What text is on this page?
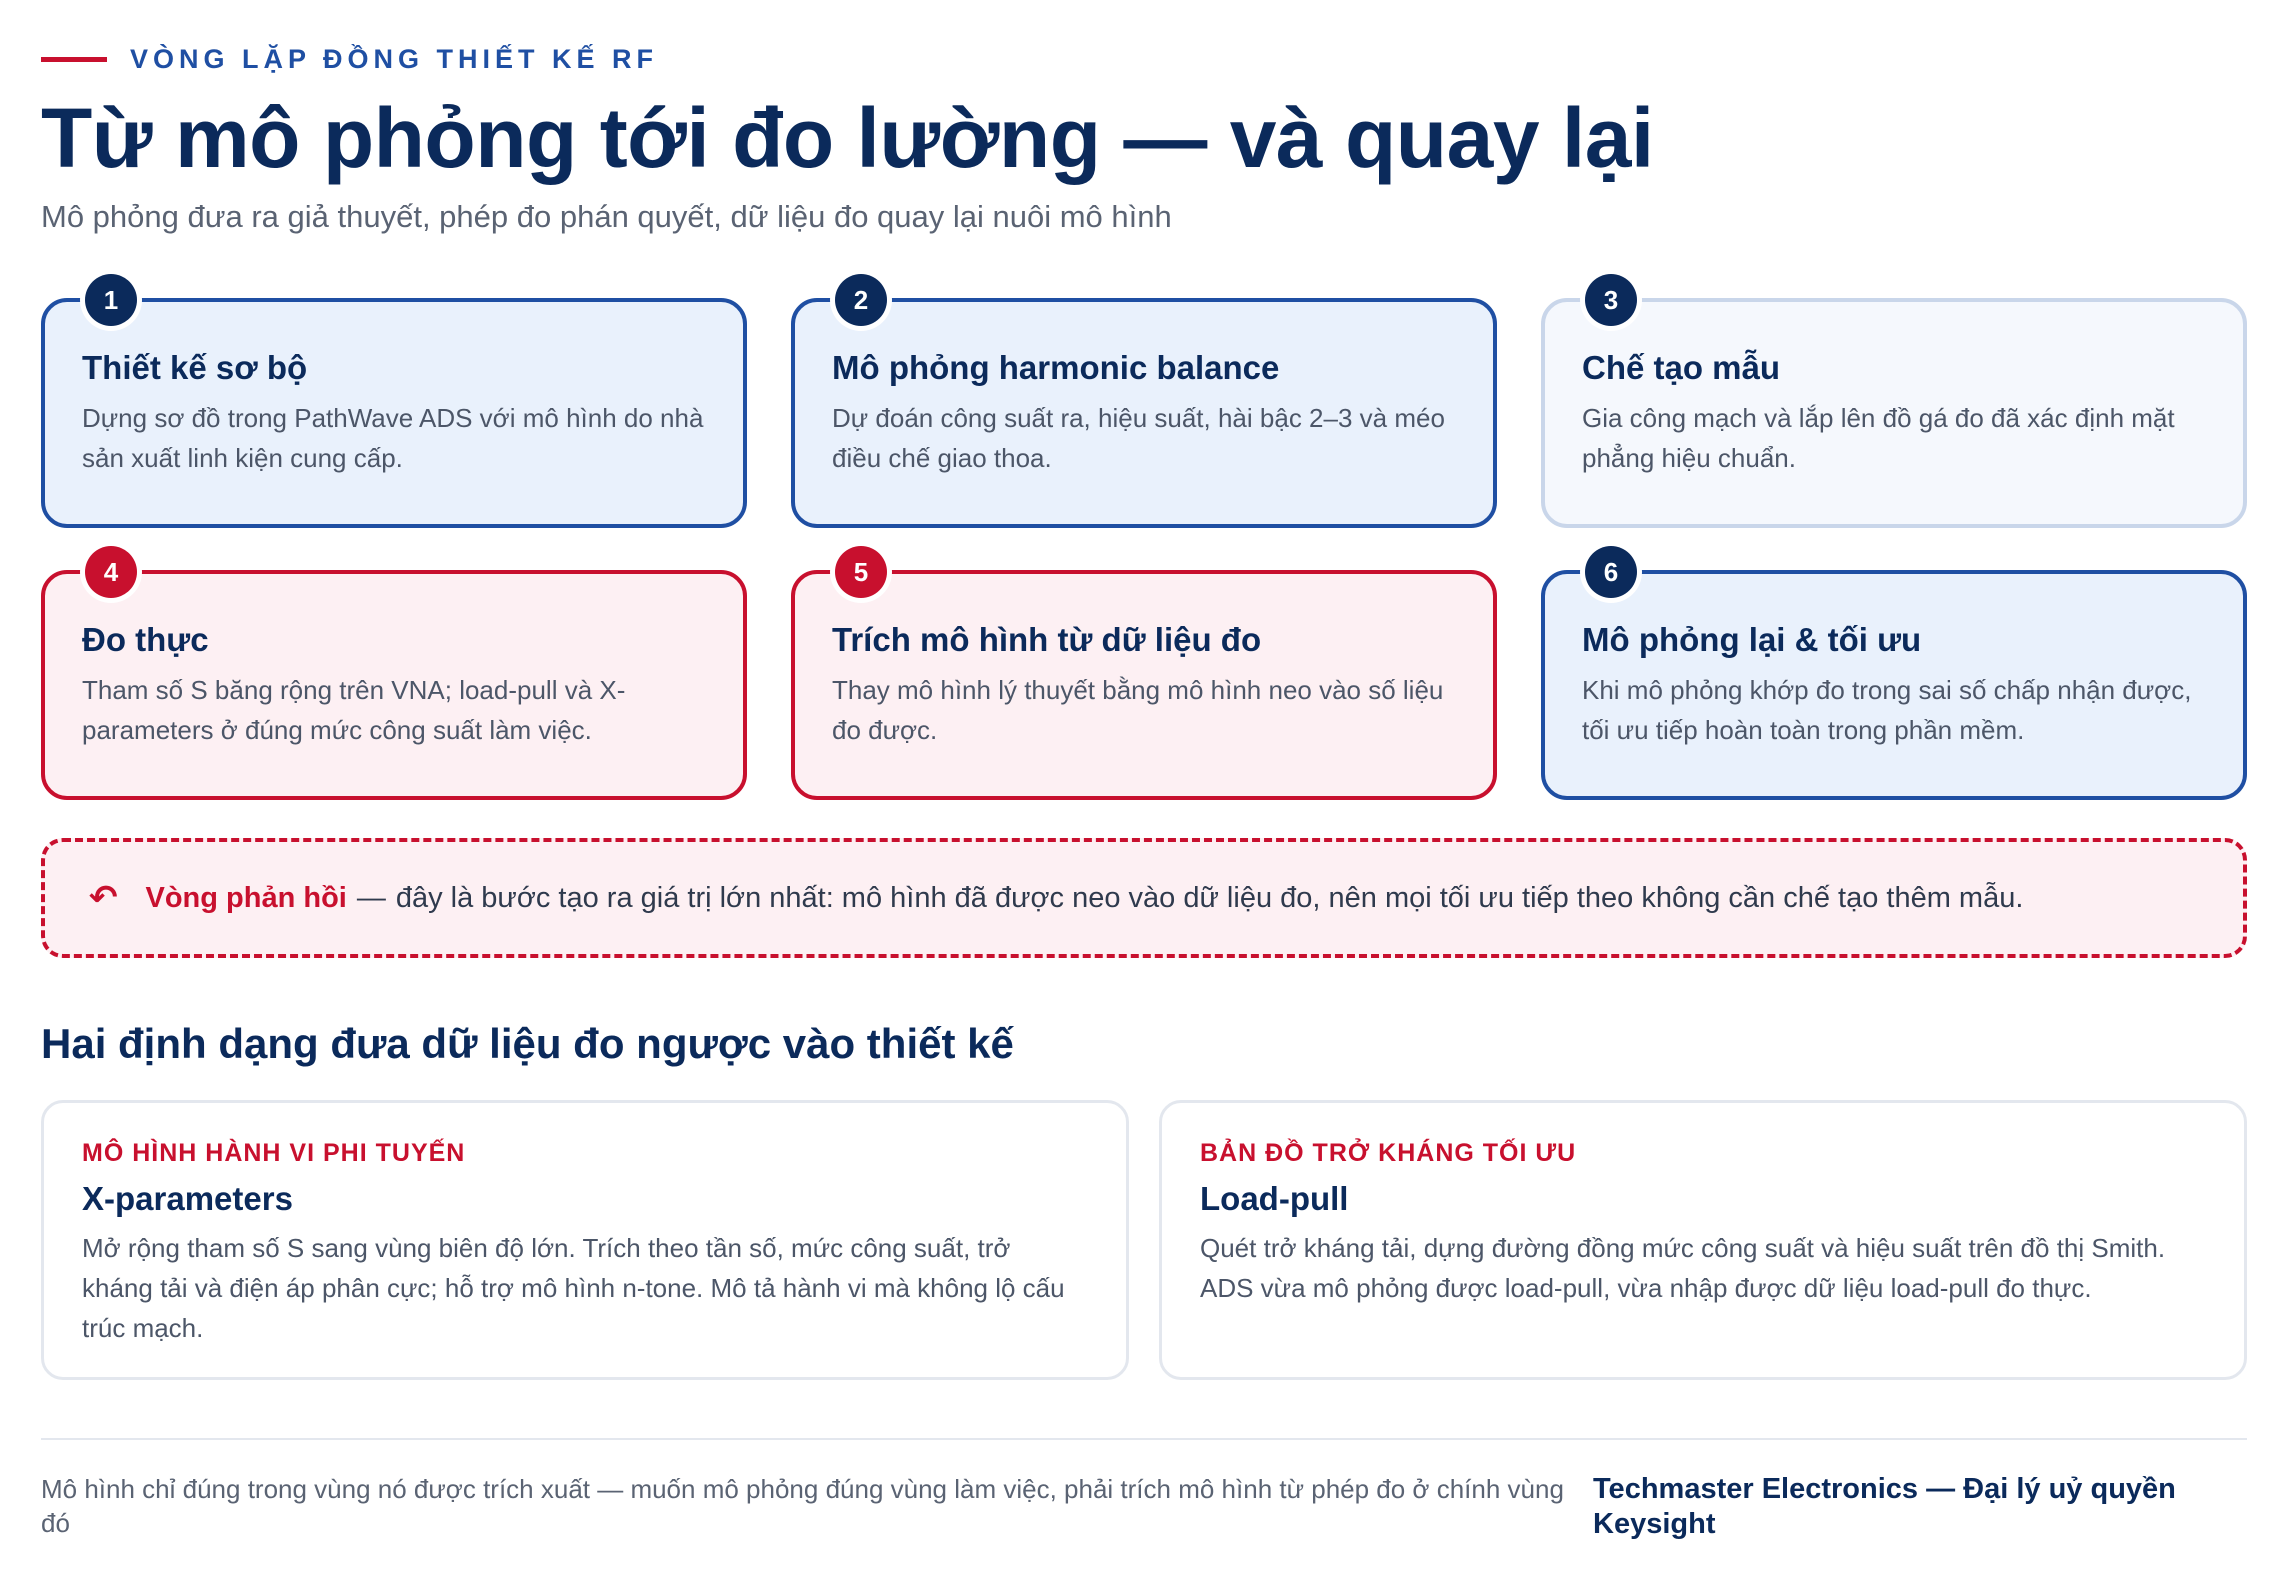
VÒNG LẶP ĐỒNG THIẾT KẾ RF
Từ mô phỏng tới đo lường — và quay lại
Mô phỏng đưa ra giả thuyết, phép đo phán quyết, dữ liệu đo quay lại nuôi mô hình
1
Thiết kế sơ bộ
Dựng sơ đồ trong PathWave ADS với mô hình do nhà sản xuất linh kiện cung cấp.
2
Mô phỏng harmonic balance
Dự đoán công suất ra, hiệu suất, hài bậc 2–3 và méo điều chế giao thoa.
3
Chế tạo mẫu
Gia công mạch và lắp lên đồ gá đo đã xác định mặt phẳng hiệu chuẩn.
4
Đo thực
Tham số S băng rộng trên VNA; load-pull và X-parameters ở đúng mức công suất làm việc.
5
Trích mô hình từ dữ liệu đo
Thay mô hình lý thuyết bằng mô hình neo vào số liệu đo được.
6
Mô phỏng lại & tối ưu
Khi mô phỏng khớp đo trong sai số chấp nhận được, tối ưu tiếp hoàn toàn trong phần mềm.
↶ Vòng phản hồi — đây là bước tạo ra giá trị lớn nhất: mô hình đã được neo vào dữ liệu đo, nên mọi tối ưu tiếp theo không cần chế tạo thêm mẫu.
Hai định dạng đưa dữ liệu đo ngược vào thiết kế
MÔ HÌNH HÀNH VI PHI TUYẾN
X-parameters
Mở rộng tham số S sang vùng biên độ lớn. Trích theo tần số, mức công suất, trở kháng tải và điện áp phân cực; hỗ trợ mô hình n-tone. Mô tả hành vi mà không lộ cấu trúc mạch.
BẢN ĐỒ TRỞ KHÁNG TỐI ƯU
Load-pull
Quét trở kháng tải, dựng đường đồng mức công suất và hiệu suất trên đồ thị Smith. ADS vừa mô phỏng được load-pull, vừa nhập được dữ liệu load-pull đo thực.
Mô hình chỉ đúng trong vùng nó được trích xuất — muốn mô phỏng đúng vùng làm việc, phải trích mô hình từ phép đo ở chính vùng đó
Techmaster Electronics — Đại lý uỷ quyền Keysight
